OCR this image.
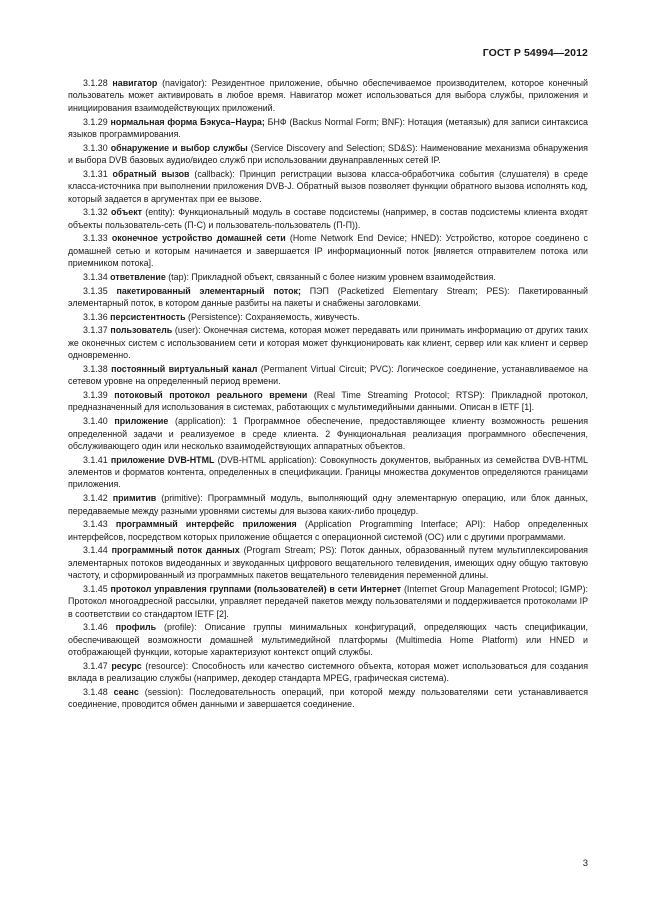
ГОСТ Р 54994—2012

3.1.28 навигатор (navigator): Резидентное приложение, обычно обеспечиваемое производителем, которое конечный пользователь может активировать в любое время. Навигатор может использоваться для выбора службы, приложения и инициирования взаимодействующих приложений.

3.1.29 нормальная форма Бэкуса–Наура; БНФ (Backus Normal Form; BNF): Нотация (метаязык) для записи синтаксиса языков программирования.

3.1.30 обнаружение и выбор службы (Service Discovery and Selection; SD&S): Наименование механизма обнаружения и выбора DVB базовых аудио/видео служб при использовании двунаправленных сетей IP.

3.1.31 обратный вызов (callback): Принцип регистрации вызова класса-обработчика события (слушателя) в среде класса-источника при выполнении приложения DVB-J. Обратный вызов позволяет функции обратного вызова исполнять код, который задается в аргументах при ее вызове.

3.1.32 объект (entity): Функциональный модуль в составе подсистемы (например, в состав подсистемы клиента входят объекты пользователь-сеть (П-С) и пользователь-пользователь (П-П)).

3.1.33 оконечное устройство домашней сети (Home Network End Device; HNED): Устройство, которое соединено с домашней сетью и которым начинается и завершается IP информационный поток [является отправителем потока или приемником потока].

3.1.34 ответвление (tap): Прикладной объект, связанный с более низким уровнем взаимодействия.

3.1.35 пакетированный элементарный поток; ПЭП (Packetized Elementary Stream; PES): Пакетированный элементарный поток, в котором данные разбиты на пакеты и снабжены заголовками.

3.1.36 персистентность (Persistence): Сохраняемость, живучесть.

3.1.37 пользователь (user): Оконечная система, которая может передавать или принимать информацию от других таких же оконечных систем с использованием сети и которая может функционировать как клиент, сервер или как клиент и сервер одновременно.

3.1.38 постоянный виртуальный канал (Permanent Virtual Circuit; PVC): Логическое соединение, устанавливаемое на сетевом уровне на определенный период времени.

3.1.39 потоковый протокол реального времени (Real Time Streaming Protocol; RTSP): Прикладной протокол, предназначенный для использования в системах, работающих с мультимедийными данными. Описан в IETF [1].

3.1.40 приложение (application): 1 Программное обеспечение, предоставляющее клиенту возможность решения определенной задачи и реализуемое в среде клиента. 2 Функциональная реализация программного обеспечения, обслуживающего один или несколько взаимодействующих аппаратных объектов.

3.1.41 приложение DVB-HTML (DVB-HTML application): Совокупность документов, выбранных из семейства DVB-HTML элементов и форматов контента, определенных в спецификации. Границы множества документов определяются границами приложения.

3.1.42 примитив (primitive): Программный модуль, выполняющий одну элементарную операцию, или блок данных, передаваемые между разными уровнями системы для вызова каких-либо процедур.

3.1.43 программный интерфейс приложения (Application Programming Interface; API): Набор определенных интерфейсов, посредством которых приложение общается с операционной системой (ОС) или с другими программами.

3.1.44 программный поток данных (Program Stream; PS): Поток данных, образованный путем мультиплексирования элементарных потоков видеоданных и звукоданных цифрового вещательного телевидения, имеющих одну общую тактовую частоту, и сформированный из программных пакетов вещательного телевидения переменной длины.

3.1.45 протокол управления группами (пользователей) в сети Интернет (Internet Group Management Protocol; IGMP): Протокол многоадресной рассылки, управляет передачей пакетов между пользователями и поддерживается протоколами IP в соответствии со стандартом IETF [2].

3.1.46 профиль (profile): Описание группы минимальных конфигураций, определяющих часть спецификации, обеспечивающей возможности домашней мультимедийной платформы (Multimedia Home Platform) или HNED и отображающей функции, которые характеризуют контекст опций службы.

3.1.47 ресурс (resource): Способность или качество системного объекта, которая может использоваться для создания вклада в реализацию службы (например, декодер стандарта MPEG, графическая система).

3.1.48 сеанс (session): Последовательность операций, при которой между пользователями сети устанавливается соединение, проводится обмен данными и завершается соединение.

3
